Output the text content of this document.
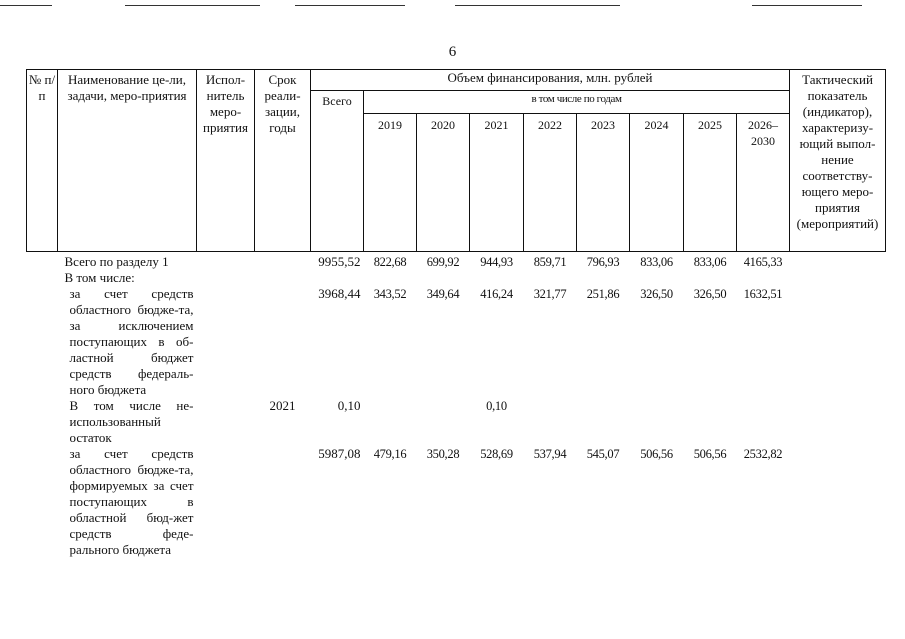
6
№ п/п	Наименование це-ли, задачи, меро-приятия	Испол-нитель меро-приятия	Срок реали-зации, годы	Объем финансирования, млн. рублей									Тактический показатель (индикатор), характеризу-ющий выпол-нение соответству-ющего меро-приятия (мероприятий)
				Всего	в том числе по годам								
					2019	2020	2021	2022	2023	2024	2025	2026–2030	

	Всего по разделу 1			9955,52	822,68	699,92	944,93	859,71	796,93	833,06	833,06	4165,33	

	В том числе:												

	за счет средств областного бюдже-та, за исключением поступающих в об-ластной бюджет средств федераль-ного бюджета			3968,44	343,52	349,64	416,24	321,77	251,86	326,50	326,50	1632,51	

	В том числе не-использованный остаток		2021	0,10			0,10						

	за счет средств областного бюдже-та, формируемых за счет поступающих в областной бюд-жет средств феде-рального бюджета			5987,08	479,16	350,28	528,69	537,94	545,07	506,56	506,56	2532,82	
